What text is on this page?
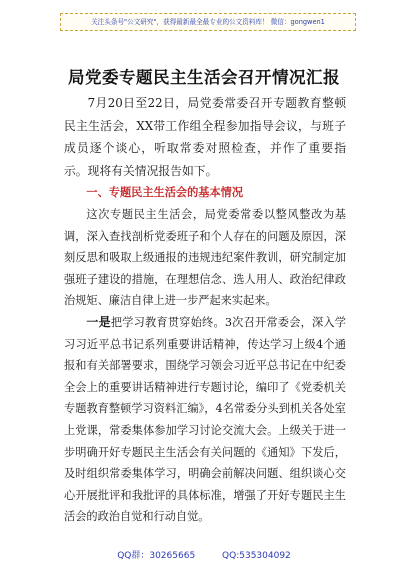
关注头条号"公文研究"，获得最新最全最专业的公文资料库！ 微信：gongwen1
局党委专题民主生活会召开情况汇报

7月20日至22日，局党委常委召开专题教育整顿民主生活会，XX带工作组全程参加指导会议，与班子成员逐个谈心，听取常委对照检查，并作了重要指示。现将有关情况报告如下。

一、专题民主生活会的基本情况

这次专题民主生活会，局党委常委以整风整改为基调，深入查找剖析党委班子和个人存在的问题及原因，深刻反思和吸取上级通报的违规违纪案件教训，研究制定加强班子建设的措施，在理想信念、选人用人、政治纪律政治规矩、廉洁自律上进一步严起来实起来。

一是把学习教育贯穿始终。3次召开常委会，深入学习习近平总书记系列重要讲话精神，传达学习上级4个通报和有关部署要求，围绕学习领会习近平总书记在中纪委全会上的重要讲话精神进行专题讨论，编印了《党委机关专题教育整顿学习资料汇编》，4名常委分头到机关各处室上党课，常委集体参加学习讨论交流大会。上级关于进一步明确开好专题民主生活会有关问题的《通知》下发后，及时组织常委集体学习，明确会前解决问题、组织谈心交心开展批评和我批评的具体标准，增强了开好专题民主生活会的政治自觉和行动自觉。

QQ群：30265665	QQ:535304092
